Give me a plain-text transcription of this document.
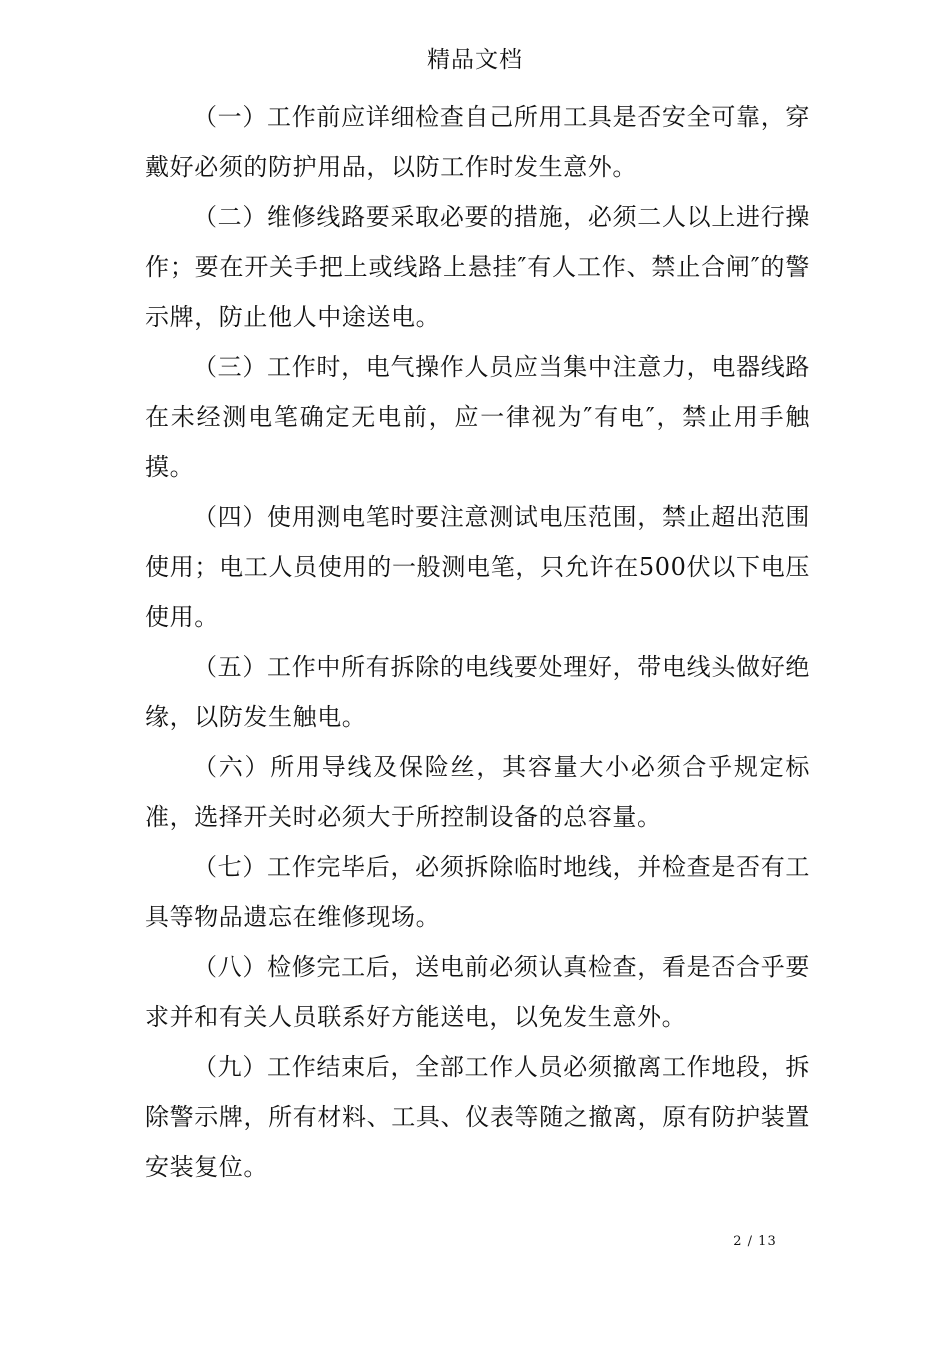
精品文档

（一）工作前应详细检查自己所用工具是否安全可靠，穿戴好必须的防护用品，以防工作时发生意外。

（二）维修线路要采取必要的措施，必须二人以上进行操作；要在开关手把上或线路上悬挂″有人工作、禁止合闸″的警示牌，防止他人中途送电。

（三）工作时，电气操作人员应当集中注意力，电器线路在未经测电笔确定无电前，应一律视为″有电″，禁止用手触摸。

（四）使用测电笔时要注意测试电压范围，禁止超出范围使用；电工人员使用的一般测电笔，只允许在500伏以下电压使用。

（五）工作中所有拆除的电线要处理好，带电线头做好绝缘，以防发生触电。

（六）所用导线及保险丝，其容量大小必须合乎规定标准，选择开关时必须大于所控制设备的总容量。

（七）工作完毕后，必须拆除临时地线，并检查是否有工具等物品遗忘在维修现场。

（八）检修完工后，送电前必须认真检查，看是否合乎要求并和有关人员联系好方能送电，以免发生意外。

（九）工作结束后，全部工作人员必须撤离工作地段，拆除警示牌，所有材料、工具、仪表等随之撤离，原有防护装置安装复位。

2 / 13
